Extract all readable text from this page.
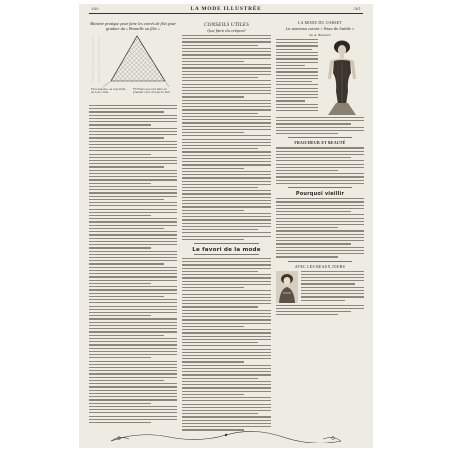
380	LA MODE ILLUSTRÉE	381
Manière pratique pour faire les carrés de filet pour graduer du « Bonnelle ou filet »
Fil à bascule, se reportant de tous côtés
Fil Filets qui sont faits en prenant ceux du bas du filet
CONSEILS UTILES
Que faire du crépon?
Le favori de la mode
LA MODE DU CORSET
Le nouveau corset « Peau de Suède »
de A. Bernard
FRAICHEUR ET BEAUTÉ
Pourquoi vieillir
AVEC LES BEAUX JOURS
